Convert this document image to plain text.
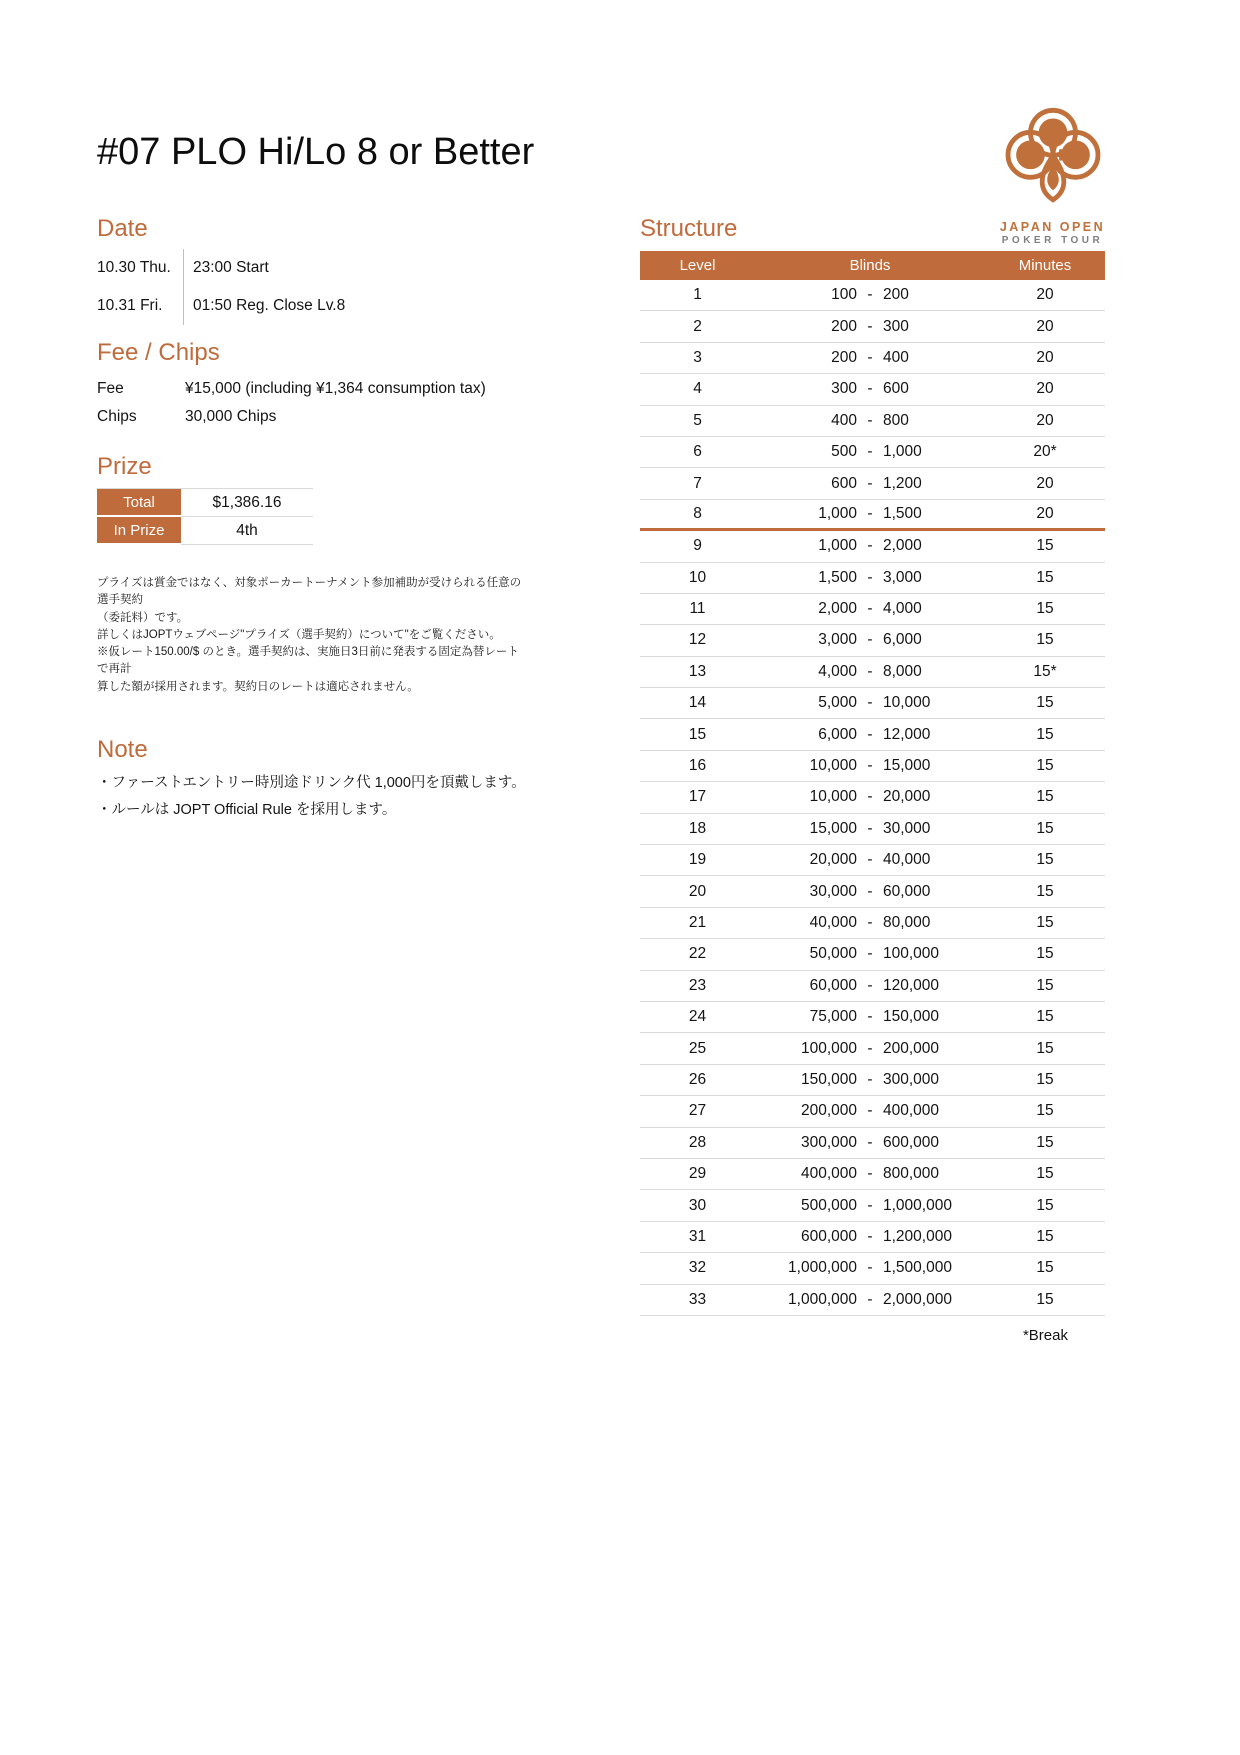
#07 PLO Hi/Lo 8 or Better
JAPAN OPEN
POKER TOUR
Date
10.30 Thu.	23:00 Start
10.31 Fri.	01:50 Reg. Close Lv.8
Fee / Chips
Fee	¥15,000 (including ¥1,364 consumption tax)
Chips	30,000 Chips
Prize
Total	$1,386.16
In Prize	4th
プライズは賞金ではなく、対象ポーカートーナメント参加補助が受けられる任意の選手契約
（委託料）です。
詳しくはJOPTウェブページ"プライズ（選手契約）について"をご覧ください。
※仮レート150.00/$ のとき。選手契約は、実施日3日前に発表する固定為替レートで再計
算した額が採用されます。契約日のレートは適応されません。
Note
・ファーストエントリー時別途ドリンク代 1,000円を頂戴します。
・ルールは JOPT Official Rule を採用します。
Structure
Level	Blinds	Minutes
1	100 - 200	20
2	200 - 300	20
3	200 - 400	20
4	300 - 600	20
5	400 - 800	20
6	500 - 1,000	20*
7	600 - 1,200	20
8	1,000 - 1,500	20
9	1,000 - 2,000	15
10	1,500 - 3,000	15
11	2,000 - 4,000	15
12	3,000 - 6,000	15
13	4,000 - 8,000	15*
14	5,000 - 10,000	15
15	6,000 - 12,000	15
16	10,000 - 15,000	15
17	10,000 - 20,000	15
18	15,000 - 30,000	15
19	20,000 - 40,000	15
20	30,000 - 60,000	15
21	40,000 - 80,000	15
22	50,000 - 100,000	15
23	60,000 - 120,000	15
24	75,000 - 150,000	15
25	100,000 - 200,000	15
26	150,000 - 300,000	15
27	200,000 - 400,000	15
28	300,000 - 600,000	15
29	400,000 - 800,000	15
30	500,000 - 1,000,000	15
31	600,000 - 1,200,000	15
32	1,000,000 - 1,500,000	15
33	1,000,000 - 2,000,000	15
*Break
